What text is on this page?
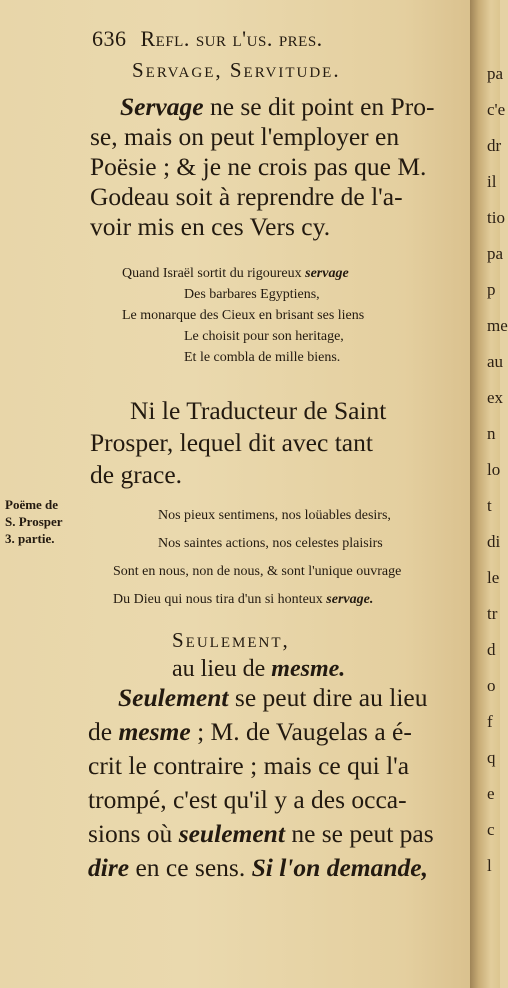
636 Refl. sur l'us. pres.
Servage, Servitude.
Servage ne se dit point en Pro-
se, mais on peut l'employer en
Poësie ; & je ne crois pas que M.
Godeau soit à reprendre de l'a-
voir mis en ces Vers cy.
Quand Israël sortit du rigoureux servage
Des barbares Egyptiens,
Le monarque des Cieux en brisant ses liens
Le choisit pour son heritage,
Et le combla de mille biens.
Ni le Traducteur de Saint
Prosper, lequel dit avec tant
de grace.
Poëme de
S. Prosper
3. partie.
Nos pieux sentimens, nos loüables desirs,
Nos saintes actions, nos celestes plaisirs
Sont en nous, non de nous, & sont l'unique ouvrage
Du Dieu qui nous tira d'un si honteux servage.
Seulement,
au lieu de mesme.
Seulement se peut dire au lieu
de mesme ; M. de Vaugelas a é-
crit le contraire ; mais ce qui l'a
trompé, c'est qu'il y a des occa-
sions où seulement ne se peut pas
dire en ce sens. Si l'on demande,
pa
c'e
dr
il
tio
pa
p
me
au
ex
n
lo
t
di
le
tr
d
o
f
q
e
c
l
